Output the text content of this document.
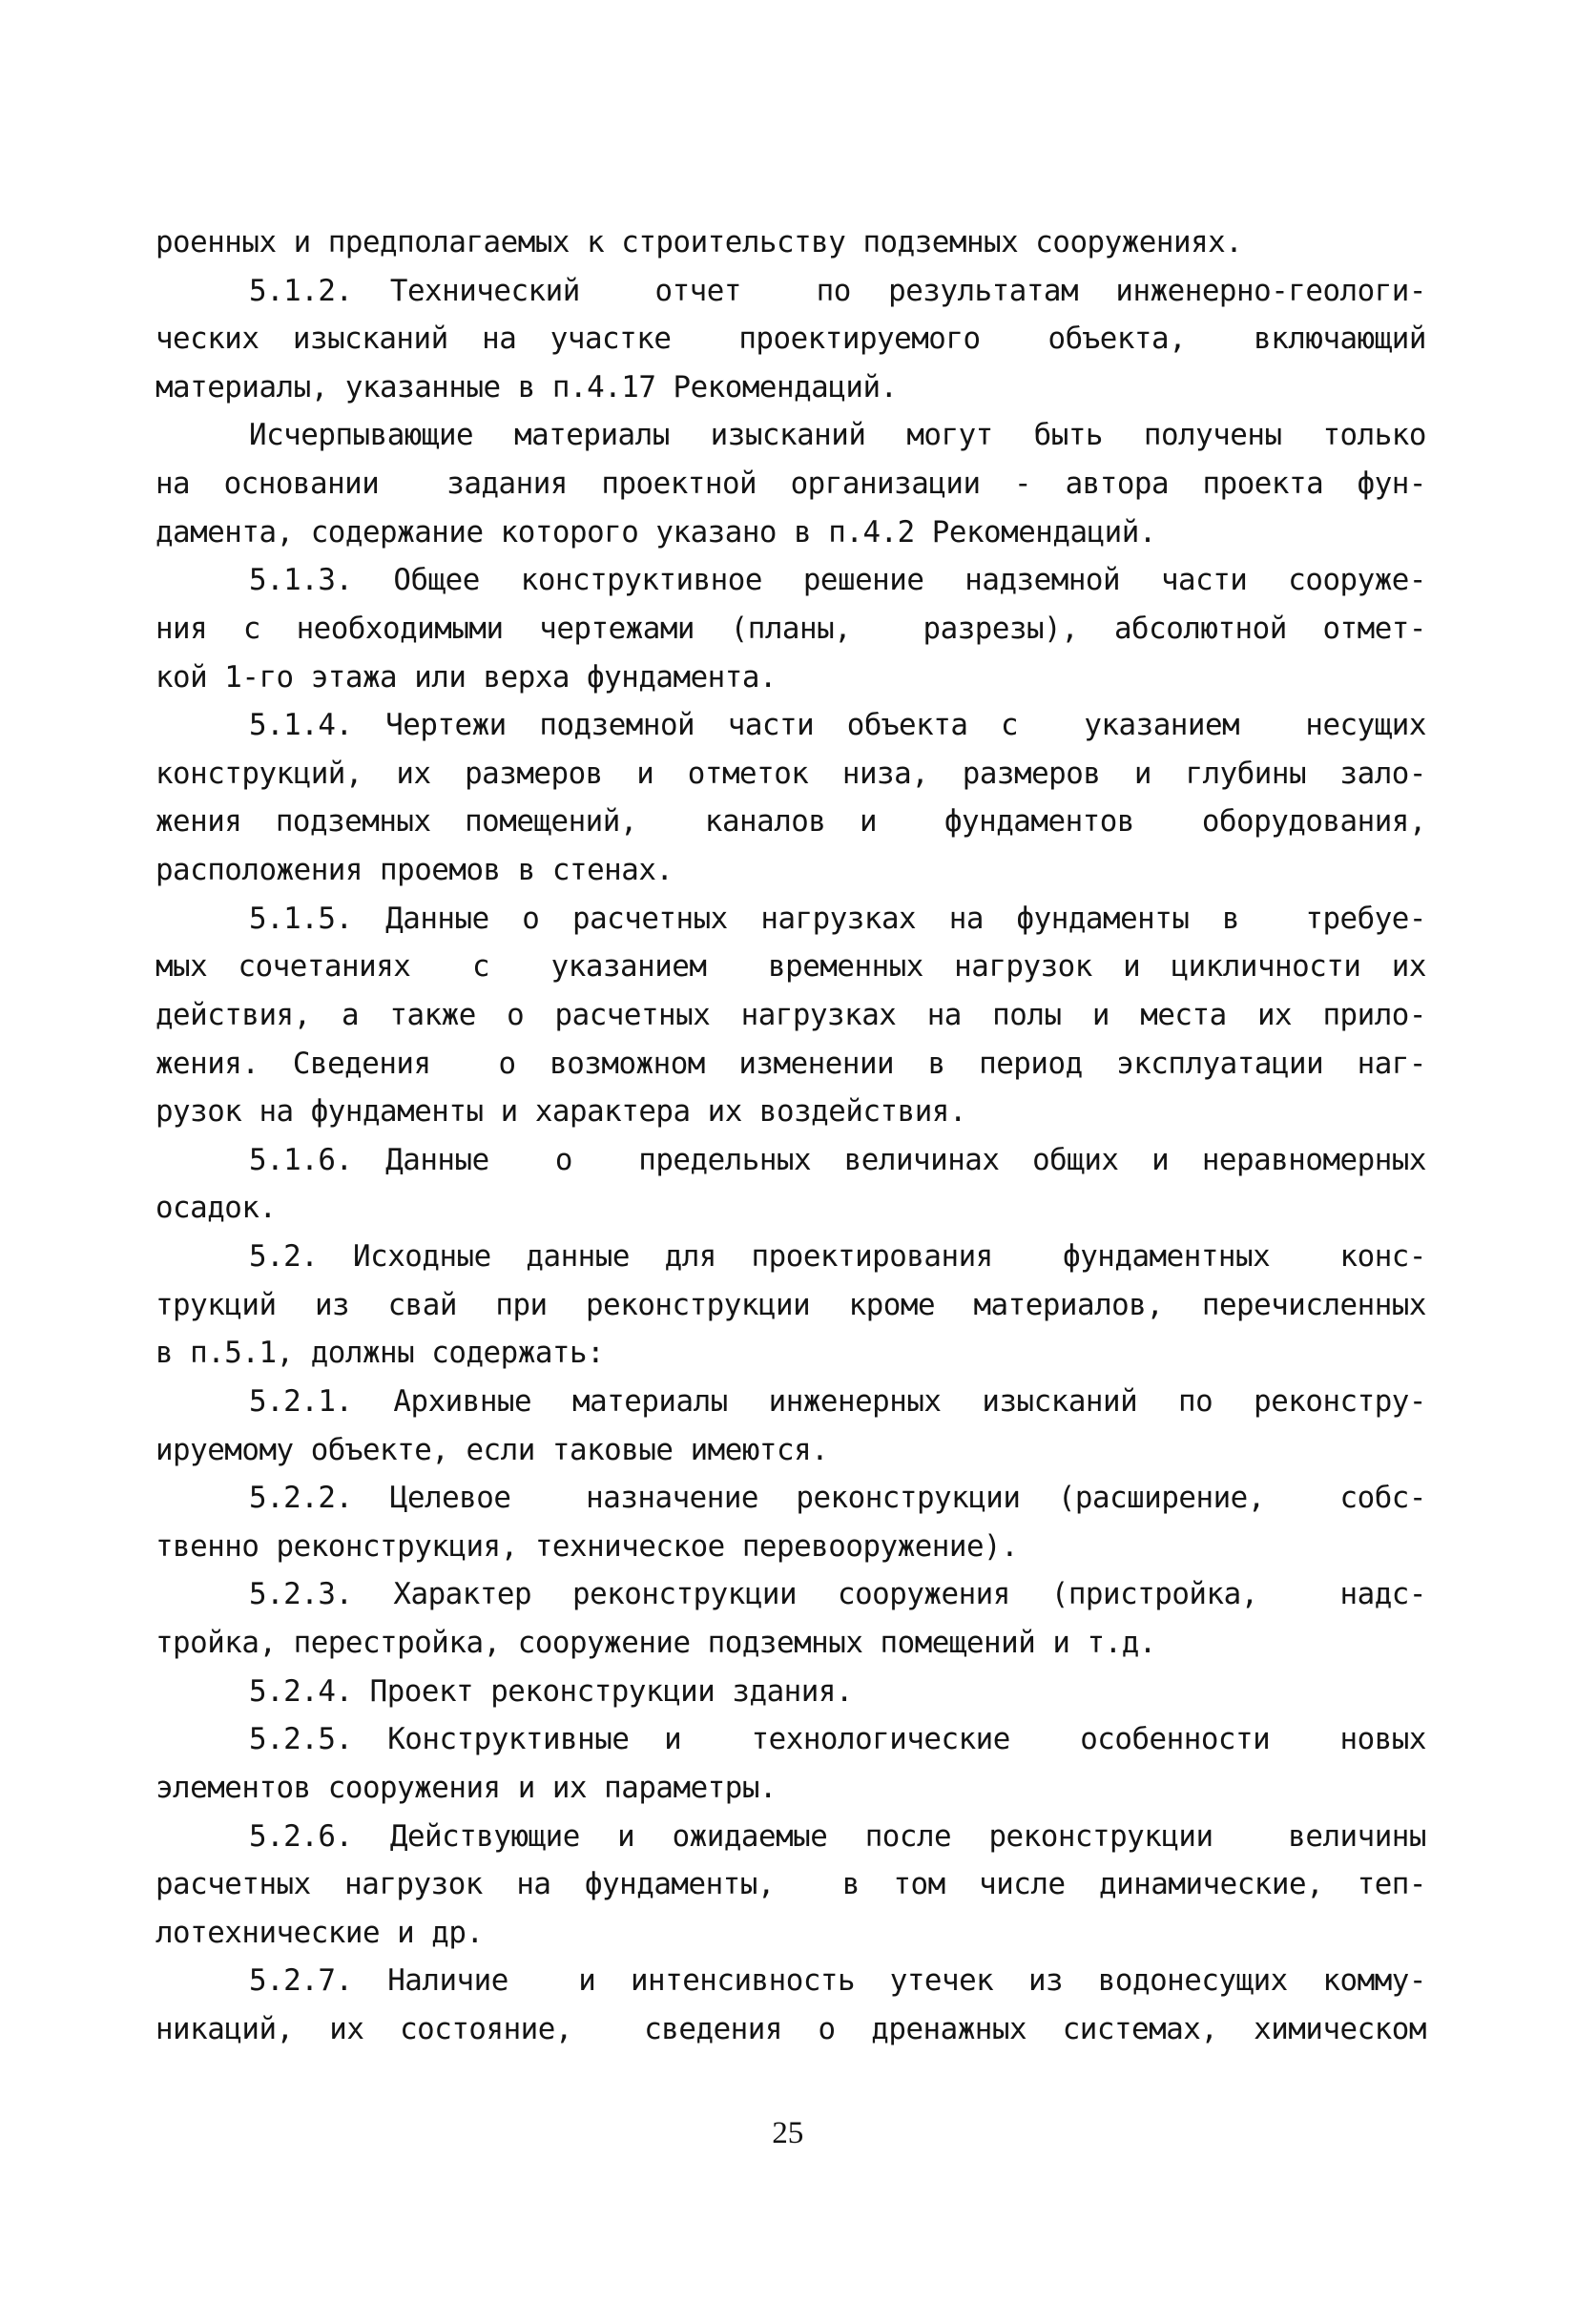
роенных и предполагаемых к строительству подземных сооружениях.

5.1.2. Технический  отчет  по результатам инженерно-геологи-

ческих изысканий на участке  проектируемого  объекта,  включающий

материалы, указанные в п.4.17 Рекомендаций.

Исчерпывающие материалы изысканий могут быть получены только

на основании  задания проектной организации - автора проекта фун-

дамента, содержание которого указано в п.4.2 Рекомендаций.

5.1.3. Общее конструктивное решение надземной части сооруже-

ния с необходимыми чертежами (планы,  разрезы), абсолютной отмет-

кой 1-го этажа или верха фундамента.

5.1.4. Чертежи подземной части объекта с  указанием  несущих

конструкций, их размеров и отметок низа, размеров и глубины зало-

жения подземных помещений,  каналов и  фундаментов  оборудования,

расположения проемов в стенах.

5.1.5. Данные о расчетных нагрузках на фундаменты в  требуе-

мых сочетаниях  с  указанием  временных нагрузок и цикличности их

действия, а также о расчетных нагрузках на полы и места их прило-

жения. Сведения  о возможном изменении в период эксплуатации наг-

рузок на фундаменты и характера их воздействия.

5.1.6. Данные  о  предельных величинах общих и неравномерных

осадок.

5.2. Исходные данные для проектирования  фундаментных  конс-

трукций из свай при реконструкции кроме материалов, перечисленных

в п.5.1, должны содержать:

5.2.1. Архивные материалы инженерных изысканий по реконстру-

ируемому объекте, если таковые имеются.

5.2.2. Целевое  назначение реконструкции (расширение,  собс-

твенно реконструкция, техническое перевооружение).

5.2.3. Характер реконструкции сооружения (пристройка,  надс-

тройка, перестройка, сооружение подземных помещений и т.д.

5.2.4. Проект реконструкции здания.

5.2.5. Конструктивные и  технологические  особенности  новых

элементов сооружения и их параметры.

5.2.6. Действующие и ожидаемые после реконструкции  величины

расчетных нагрузок на фундаменты,  в том числе динамические, теп-

лотехнические и др.

5.2.7. Наличие  и интенсивность утечек из водонесущих комму-

никаций, их состояние,  сведения о дренажных системах, химическом

25
